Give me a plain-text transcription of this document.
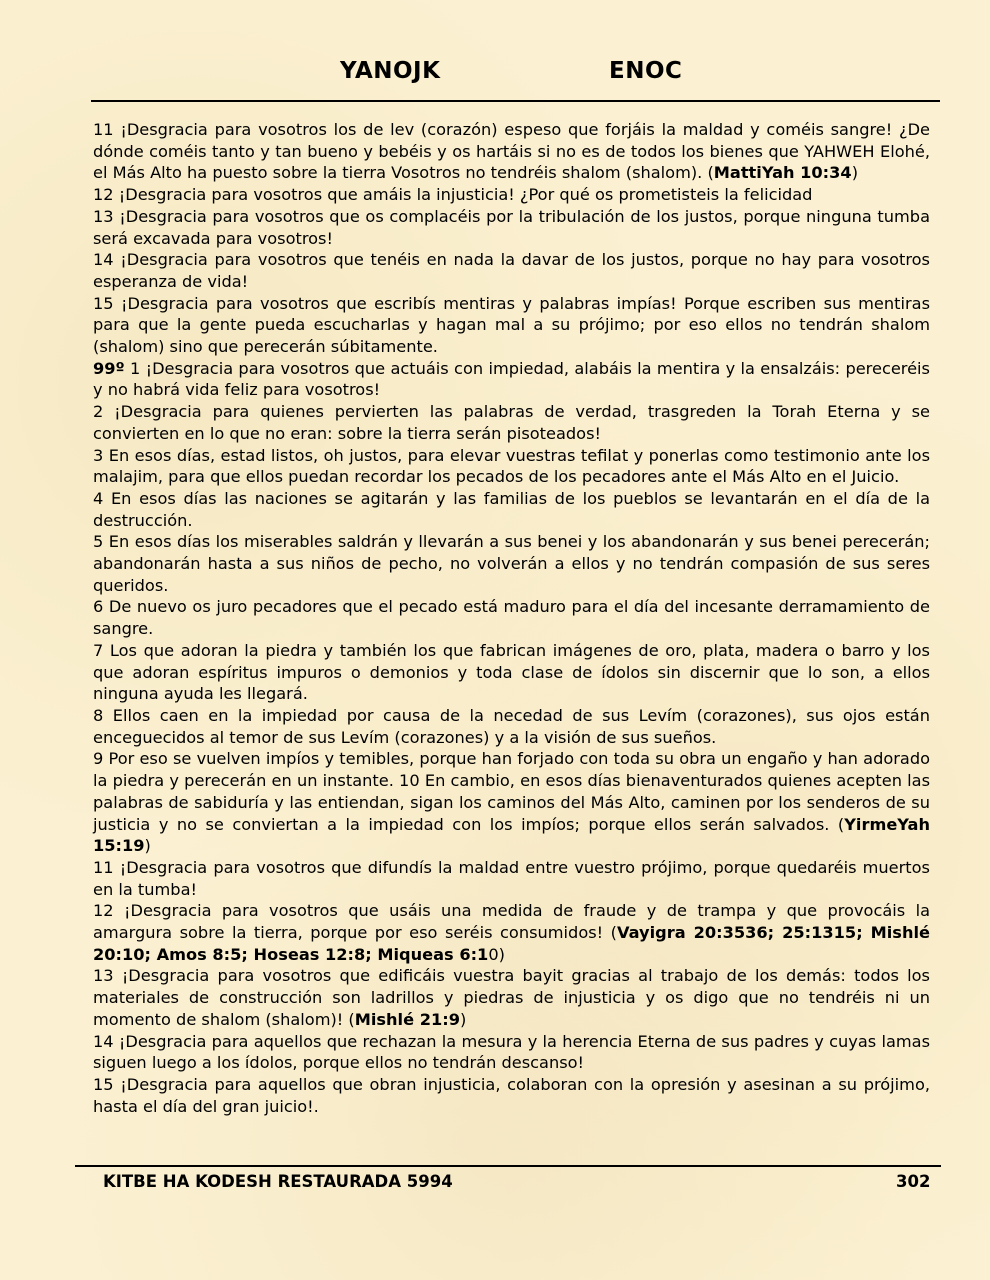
YANOJK	ENOC

11 ¡Desgracia para vosotros los de lev (corazón) espeso que forjáis la maldad y coméis sangre! ¿De dónde coméis tanto y tan bueno y bebéis y os hartáis si no es de todos los bienes que YAHWEH Elohé, el Más Alto ha puesto sobre la tierra Vosotros no tendréis shalom (shalom). (MattiYah 10:34)

12 ¡Desgracia para vosotros que amáis la injusticia! ¿Por qué os prometisteis la felicidad

13 ¡Desgracia para vosotros que os complacéis por la tribulación de los justos, porque ninguna tumba será excavada para vosotros!

14 ¡Desgracia para vosotros que tenéis en nada la davar de los justos, porque no hay para vosotros esperanza de vida!

15 ¡Desgracia para vosotros que escribís mentiras y palabras impías! Porque escriben sus mentiras para que la gente pueda escucharlas y hagan mal a su prójimo; por eso ellos no tendrán shalom (shalom) sino que perecerán súbitamente.

99º 1 ¡Desgracia para vosotros que actuáis con impiedad, alabáis la mentira y la ensalzáis: pereceréis y no habrá vida feliz para vosotros!

2 ¡Desgracia para quienes pervierten las palabras de verdad, trasgreden la Torah Eterna y se convierten en lo que no eran: sobre la tierra serán pisoteados!

3 En esos días, estad listos, oh justos, para elevar vuestras tefilat y ponerlas como testimonio ante los malajim, para que ellos puedan recordar los pecados de los pecadores ante el Más Alto en el Juicio.

4 En esos días las naciones se agitarán y las familias de los pueblos se levantarán en el día de la destrucción.

5 En esos días los miserables saldrán y llevarán a sus benei y los abandonarán y sus benei perecerán; abandonarán hasta a sus niños de pecho, no volverán a ellos y no tendrán compasión de sus seres queridos.

6 De nuevo os juro pecadores que el pecado está maduro para el día del incesante derramamiento de sangre.

7 Los que adoran la piedra y también los que fabrican imágenes de oro, plata, madera o barro y los que adoran espíritus impuros o demonios y toda clase de ídolos sin discernir que lo son, a ellos ninguna ayuda les llegará.

8 Ellos caen en la impiedad por causa de la necedad de sus Levím (corazones), sus ojos están enceguecidos al temor de sus Levím (corazones) y a la visión de sus sueños.

9 Por eso se vuelven impíos y temibles, porque han forjado con toda su obra un engaño y han adorado la piedra y perecerán en un instante. 10 En cambio, en esos días bienaventurados quienes acepten las palabras de sabiduría y las entiendan, sigan los caminos del Más Alto, caminen por los senderos de su justicia y no se conviertan a la impiedad con los impíos; porque ellos serán salvados. (YirmeYah 15:19)

11 ¡Desgracia para vosotros que difundís la maldad entre vuestro prójimo, porque quedaréis muertos en la tumba!

12 ¡Desgracia para vosotros que usáis una medida de fraude y de trampa y que provocáis la amargura sobre la tierra, porque por eso seréis consumidos! (Vayigra 20:3536; 25:1315; Mishlé 20:10; Amos 8:5; Hoseas 12:8; Miqueas 6:10)

13 ¡Desgracia para vosotros que edificáis vuestra bayit gracias al trabajo de los demás: todos los materiales de construcción son ladrillos y piedras de injusticia y os digo que no tendréis ni un momento de shalom (shalom)! (Mishlé 21:9)

14 ¡Desgracia para aquellos que rechazan la mesura y la herencia Eterna de sus padres y cuyas lamas siguen luego a los ídolos, porque ellos no tendrán descanso!

15 ¡Desgracia para aquellos que obran injusticia, colaboran con la opresión y asesinan a su prójimo, hasta el día del gran juicio!.

KITBE HA KODESH RESTAURADA 5994	302
